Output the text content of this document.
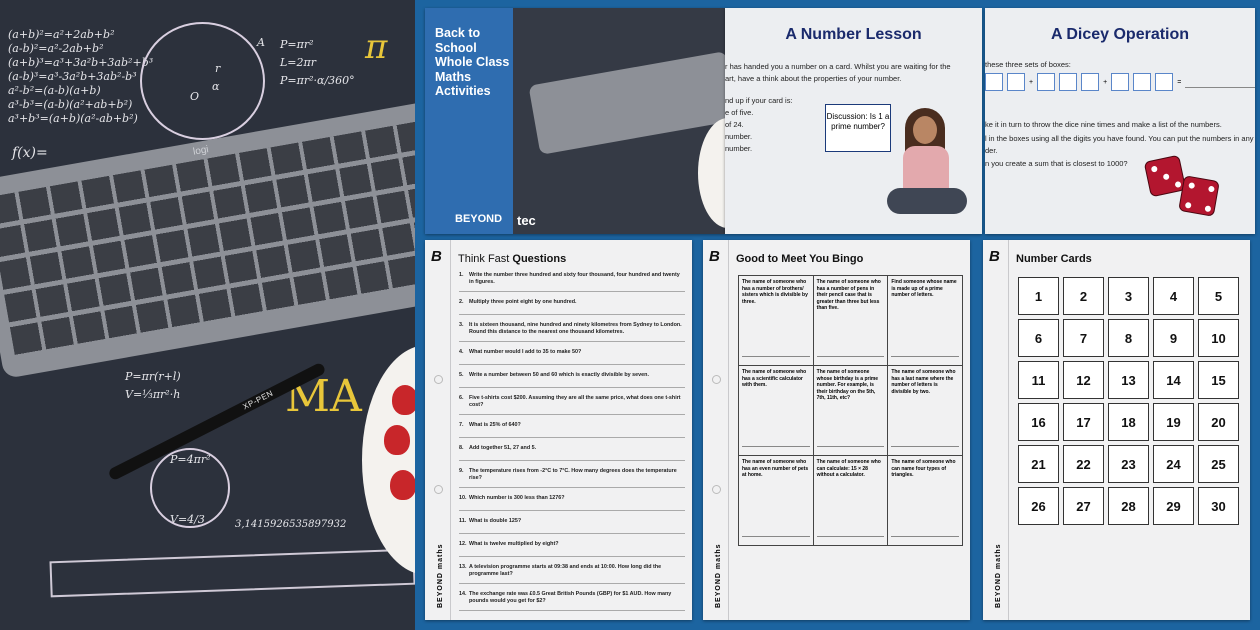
(a+b)²=a²+2ab+b²
(a-b)²=a²-2ab+b²
(a+b)³=a³+3a²b+3ab²+b³
(a-b)³=a³-3a²b+3ab²-b³
a²-b²=(a-b)(a+b)
a³-b³=(a-b)(a²+ab+b²)
a³+b³=(a+b)(a²-ab+b²)
A
r
α
O
P=πr²
L=2πr
P=πr²·α/360°
π
f(x)=	logi
P=πr(r+l)
V=⅓πr²·h
P=4πr²
V=4/3
MA
3,1415926535897932
XP-PEN
Back to School Whole Class Maths Activities
BEYOND tec
A Number Lesson

r has handed you a number on a card. Whilst you are waiting for the

art, have a think about the properties of your number.

nd up if your card is:

e of five.

of 24.

number.

number.

Discussion: Is 1 a prime number?
A Dicey Operation

these three sets of boxes:

+	+	=

ke it in turn to throw the dice nine times and make a list of the numbers.

l in the boxes using all the digits you have found. You can put the numbers in any

der.

n you create a sum that is closest to 1000?

B
BEYOND maths
Think Fast Questions
1. Write the number three hundred and sixty four thousand, four hundred and twenty in figures.
2. Multiply three point eight by one hundred.
3. It is sixteen thousand, nine hundred and ninety kilometres from Sydney to London. Round this distance to the nearest one thousand kilometres.
4. What number would I add to 35 to make 50?
5. Write a number between 50 and 60 which is exactly divisible by seven.
6. Five t-shirts cost $200. Assuming they are all the same price, what does one t-shirt cost?
7. What is 25% of 640?
8. Add together 51, 27 and 5.
9. The temperature rises from -2°C to 7°C. How many degrees does the temperature rise?
10. Which number is 300 less than 1276?
11. What is double 125?
12. What is twelve multiplied by eight?
13. A television programme starts at 09:38 and ends at 10:00. How long did the programme last?
14. The exchange rate was £0.5 Great British Pounds (GBP) for $1 AUD. How many pounds would you get for $2?
B
BEYOND maths
Good to Meet You Bingo
The name of someone who has a number of brothers/ sisters which is divisible by three.	The name of someone who has a number of pens in their pencil case that is greater than three but less than five.	Find someone whose name is made up of a prime number of letters.
The name of someone who has a scientific calculator with them.	The name of someone whose birthday is a prime number. For example, is their birthday on the 5th, 7th, 11th, etc?	The name of someone who has a last name where the number of letters is divisible by two.
The name of someone who has an even number of pets at home.	The name of someone who can calculate: 15 × 28 without a calculator.	The name of someone who can name four types of triangles.
B
BEYOND maths
Number Cards
1	2	3	4	5
6	7	8	9	10
11	12	13	14	15
16	17	18	19	20
21	22	23	24	25
26	27	28	29	30
